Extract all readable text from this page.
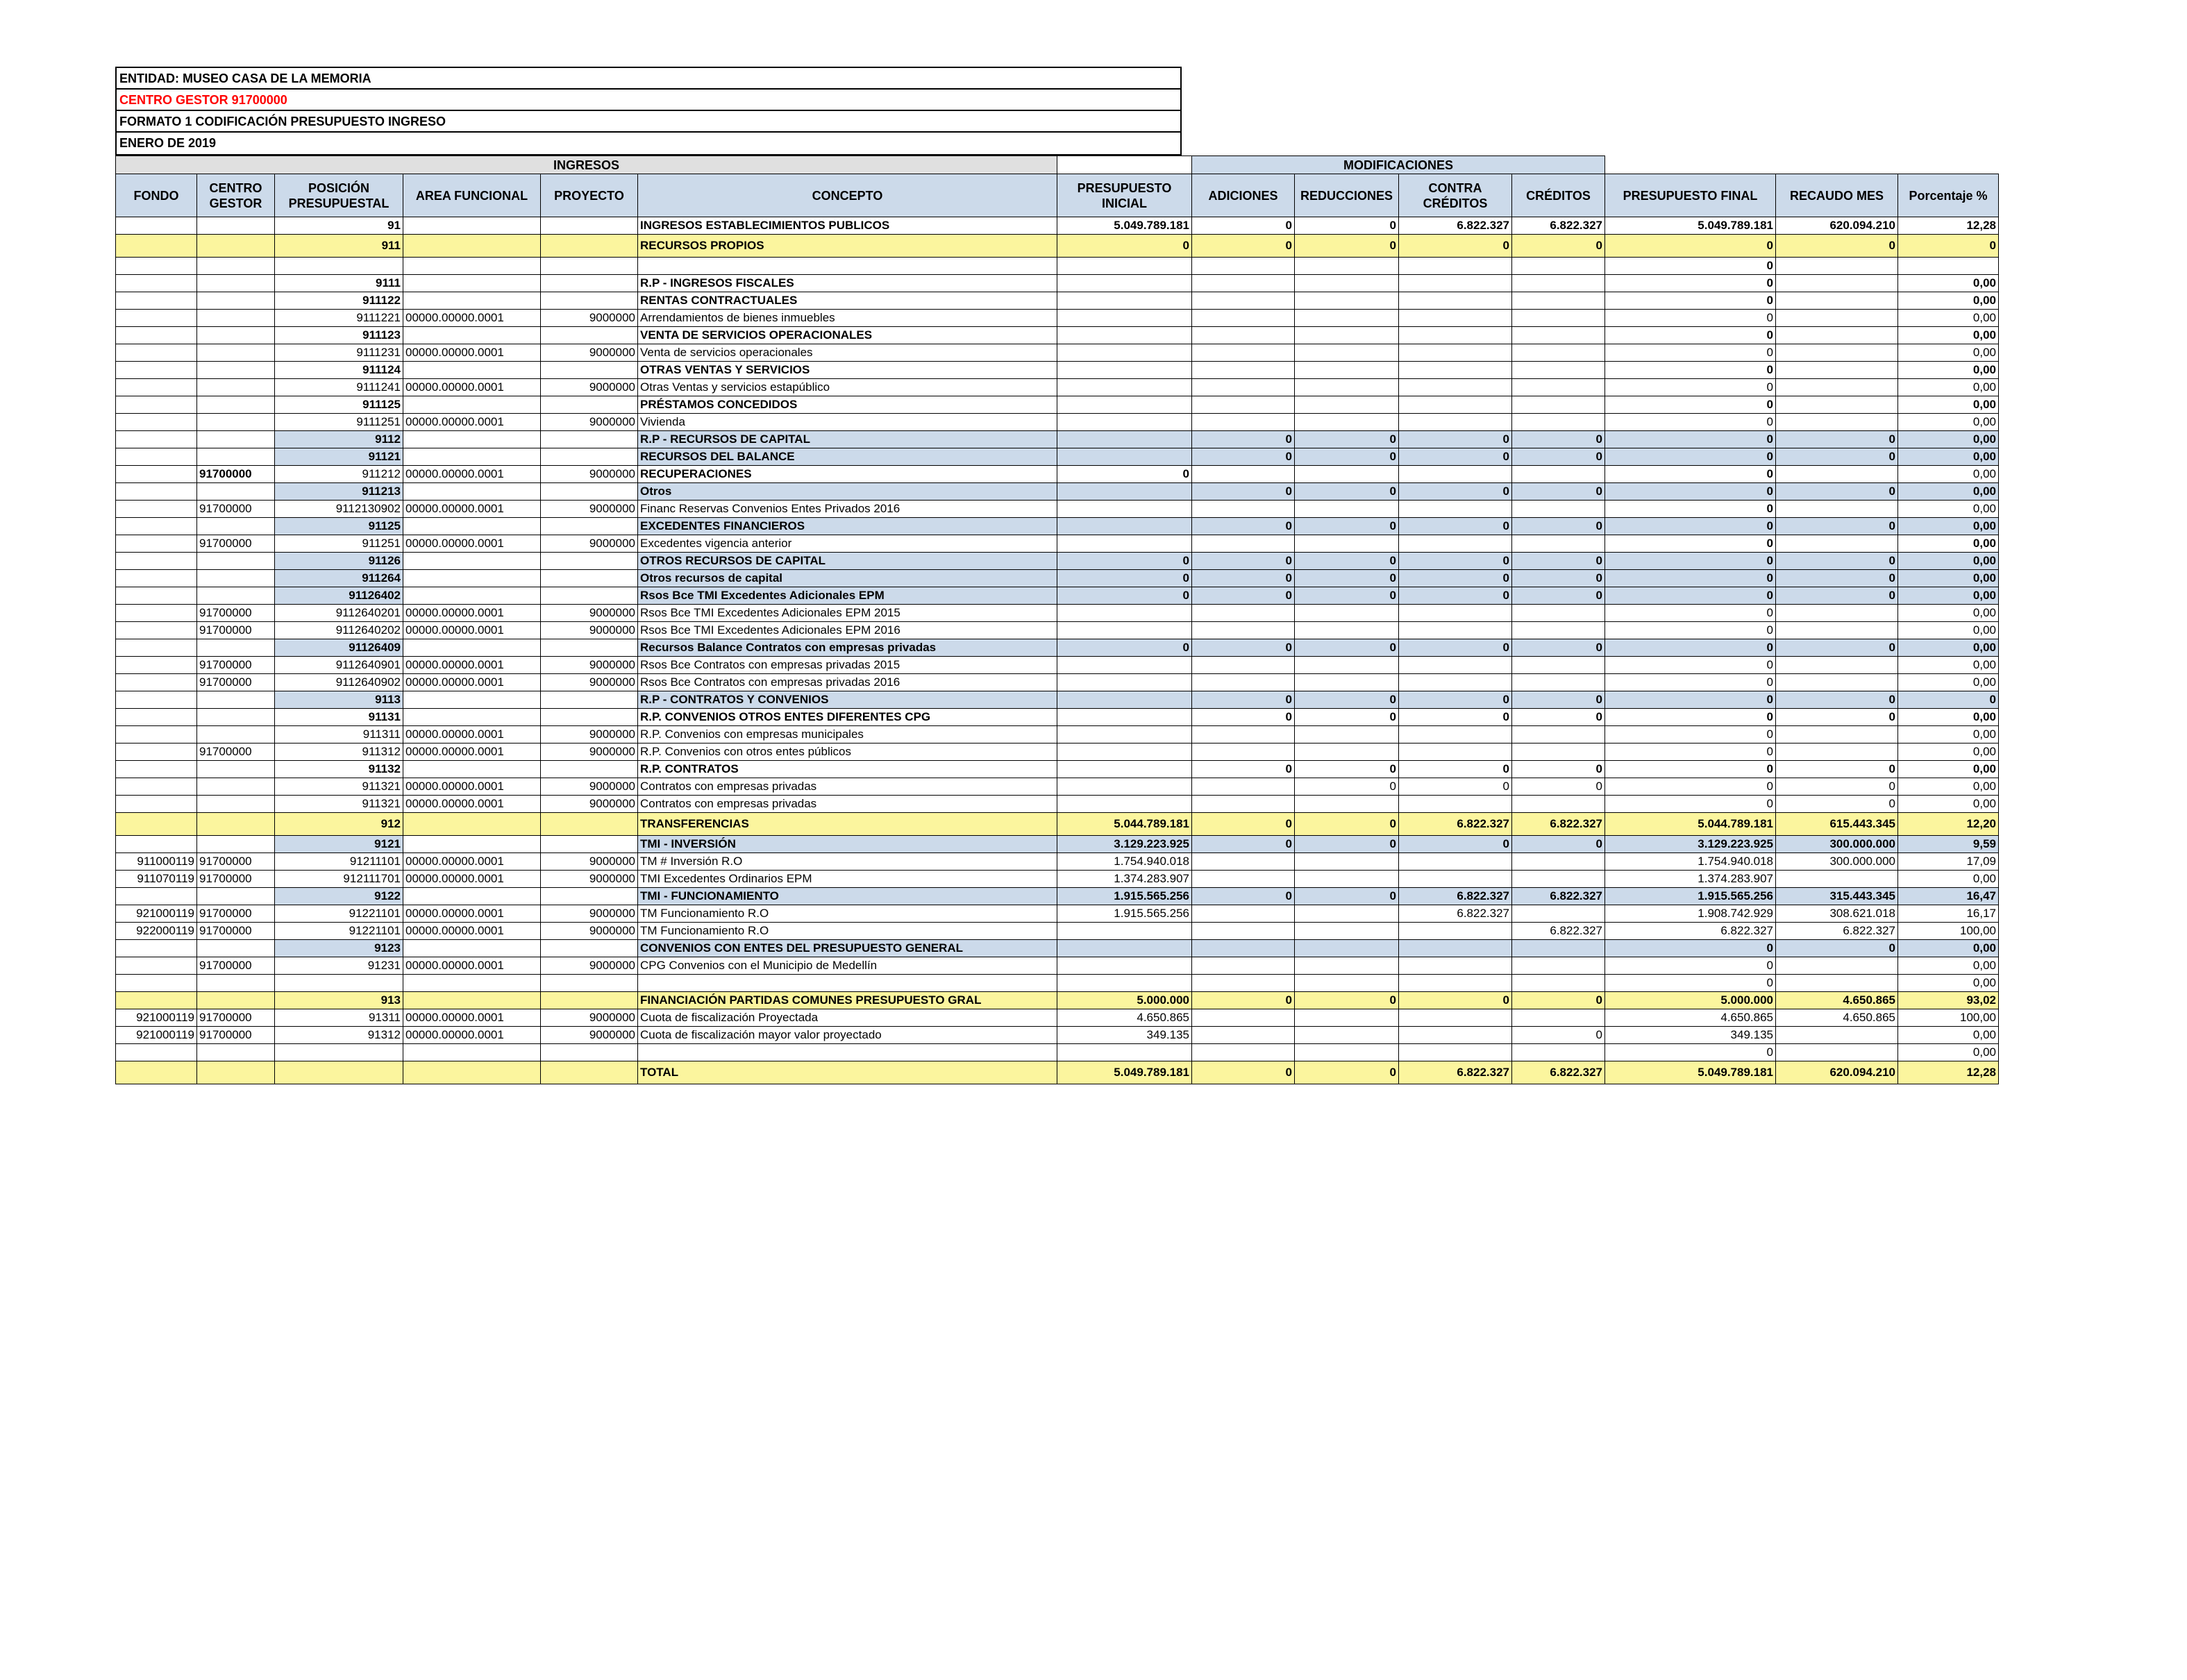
ENTIDAD: MUSEO CASA DE LA MEMORIA
CENTRO GESTOR 91700000
FORMATO 1 CODIFICACIÓN PRESUPUESTO INGRESO
ENERO DE 2019
INGRESOS							MODIFICACIONES						
FONDO	CENTRO GESTOR	POSICIÓN PRESUPUESTAL	AREA FUNCIONAL	PROYECTO	CONCEPTO	PRESUPUESTO INICIAL	ADICIONES	REDUCCIONES	CONTRA CRÉDITOS	CRÉDITOS	PRESUPUESTO FINAL	RECAUDO MES	Porcentaje %
		91			INGRESOS ESTABLECIMIENTOS PUBLICOS	5.049.789.181	0	0	6.822.327	6.822.327	5.049.789.181	620.094.210	12,28
		911			RECURSOS PROPIOS	0	0	0	0	0	0	0	0
											0		
		9111			R.P - INGRESOS FISCALES						0		0,00
		911122			RENTAS CONTRACTUALES						0		0,00
		9111221	00000.00000.0001	9000000	Arrendamientos de bienes inmuebles						0		0,00
		911123			VENTA DE SERVICIOS OPERACIONALES						0		0,00
		9111231	00000.00000.0001	9000000	Venta de servicios operacionales						0		0,00
		911124			OTRAS VENTAS Y SERVICIOS						0		0,00
		9111241	00000.00000.0001	9000000	Otras Ventas y servicios estapúblico						0		0,00
		911125			PRÉSTAMOS CONCEDIDOS						0		0,00
		9111251	00000.00000.0001	9000000	Vivienda						0		0,00
		9112			R.P - RECURSOS DE CAPITAL		0	0	0	0	0	0	0,00
		91121			RECURSOS DEL BALANCE		0	0	0	0	0	0	0,00
	91700000	911212	00000.00000.0001	9000000	RECUPERACIONES	0					0		0,00
		911213			Otros		0	0	0	0	0	0	0,00
	91700000	9112130902	00000.00000.0001	9000000	Financ Reservas Convenios Entes Privados 2016						0		0,00
		91125			EXCEDENTES FINANCIEROS		0	0	0	0	0	0	0,00
	91700000	911251	00000.00000.0001	9000000	Excedentes vigencia anterior						0		0,00
		91126			OTROS RECURSOS DE CAPITAL	0	0	0	0	0	0	0	0,00
		911264			Otros recursos de capital	0	0	0	0	0	0	0	0,00
		91126402			Rsos Bce TMI Excedentes Adicionales EPM	0	0	0	0	0	0	0	0,00
	91700000	9112640201	00000.00000.0001	9000000	Rsos Bce TMI Excedentes Adicionales EPM 2015						0		0,00
	91700000	9112640202	00000.00000.0001	9000000	Rsos Bce TMI Excedentes Adicionales EPM 2016						0		0,00
		91126409			Recursos Balance Contratos con empresas privadas	0	0	0	0	0	0	0	0,00
	91700000	9112640901	00000.00000.0001	9000000	Rsos Bce Contratos con empresas privadas 2015						0		0,00
	91700000	9112640902	00000.00000.0001	9000000	Rsos Bce Contratos con empresas privadas 2016						0		0,00
		9113			R.P - CONTRATOS Y CONVENIOS		0	0	0	0	0	0	0
		91131			R.P. CONVENIOS OTROS ENTES DIFERENTES CPG		0	0	0	0	0	0	0,00
		911311	00000.00000.0001	9000000	R.P. Convenios con empresas municipales						0		0,00
	91700000	911312	00000.00000.0001	9000000	R.P. Convenios con otros entes públicos						0		0,00
		91132			R.P. CONTRATOS		0	0	0	0	0	0	0,00
		911321	00000.00000.0001	9000000	Contratos con empresas privadas			0	0	0	0	0	0,00
		911321	00000.00000.0001	9000000	Contratos con empresas privadas						0	0	0,00
		912			TRANSFERENCIAS	5.044.789.181	0	0	6.822.327	6.822.327	5.044.789.181	615.443.345	12,20
		9121			TMI - INVERSIÓN	3.129.223.925	0	0	0	0	3.129.223.925	300.000.000	9,59
911000119	91700000	91211101	00000.00000.0001	9000000	TM # Inversión R.O	1.754.940.018					1.754.940.018	300.000.000	17,09
911070119	91700000	912111701	00000.00000.0001	9000000	TMI Excedentes Ordinarios EPM	1.374.283.907					1.374.283.907		0,00
		9122			TMI - FUNCIONAMIENTO	1.915.565.256	0	0	6.822.327	6.822.327	1.915.565.256	315.443.345	16,47
921000119	91700000	91221101	00000.00000.0001	9000000	TM Funcionamiento R.O	1.915.565.256			6.822.327		1.908.742.929	308.621.018	16,17
922000119	91700000	91221101	00000.00000.0001	9000000	TM Funcionamiento R.O					6.822.327	6.822.327	6.822.327	100,00
		9123			CONVENIOS CON ENTES DEL PRESUPUESTO GENERAL						0	0	0,00
	91700000	91231	00000.00000.0001	9000000	CPG Convenios con el Municipio de Medellín						0		0,00
											0		0,00
		913			FINANCIACIÓN PARTIDAS COMUNES PRESUPUESTO GRAL	5.000.000	0	0	0	0	5.000.000	4.650.865	93,02
921000119	91700000	91311	00000.00000.0001	9000000	Cuota de fiscalización Proyectada	4.650.865					4.650.865	4.650.865	100,00
921000119	91700000	91312	00000.00000.0001	9000000	Cuota de fiscalización mayor valor proyectado	349.135				0	349.135		0,00
											0		0,00
					TOTAL	5.049.789.181	0	0	6.822.327	6.822.327	5.049.789.181	620.094.210	12,28
